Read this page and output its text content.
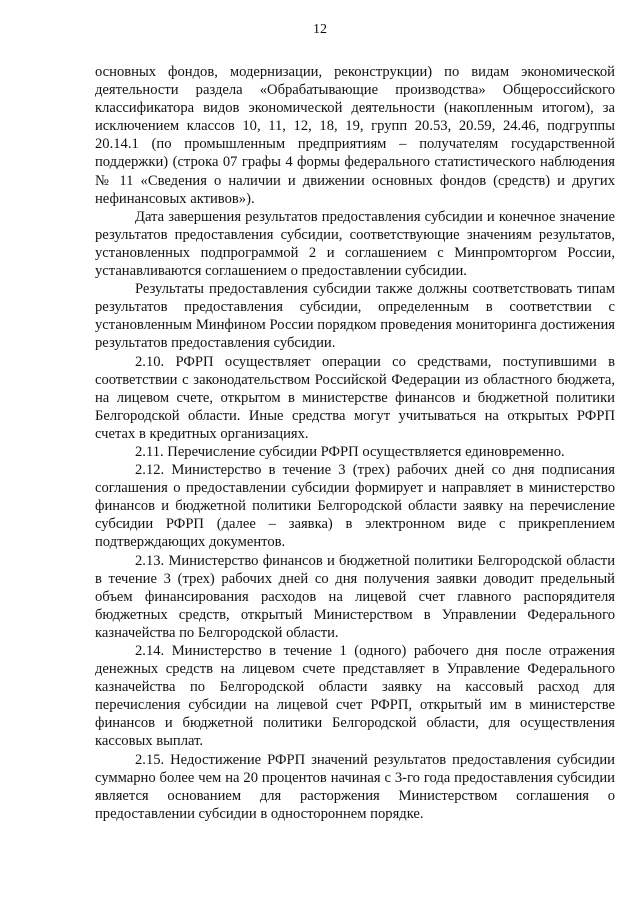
12

основных фондов, модернизации, реконструкции) по видам экономической деятельности раздела «Обрабатывающие производства» Общероссийского классификатора видов экономической деятельности (накопленным итогом), за исключением классов 10, 11, 12, 18, 19, групп 20.53, 20.59, 24.46, подгруппы 20.14.1 (по промышленным предприятиям – получателям государственной поддержки) (строка 07 графы 4 формы федерального статистического наблюдения № 11 «Сведения о наличии и движении основных фондов (средств) и других нефинансовых активов»).

Дата завершения результатов предоставления субсидии и конечное значение результатов предоставления субсидии, соответствующие значениям результатов, установленных подпрограммой 2 и соглашением с Минпромторгом России, устанавливаются соглашением о предоставлении субсидии.

Результаты предоставления субсидии также должны соответствовать типам результатов предоставления субсидии, определенным в соответствии с установленным Минфином России порядком проведения мониторинга достижения результатов предоставления субсидии.

2.10. РФРП осуществляет операции со средствами, поступившими в соответствии с законодательством Российской Федерации из областного бюджета, на лицевом счете, открытом в министерстве финансов и бюджетной политики Белгородской области. Иные средства могут учитываться на открытых РФРП счетах в кредитных организациях.

2.11. Перечисление субсидии РФРП осуществляется единовременно.

2.12. Министерство в течение 3 (трех) рабочих дней со дня подписания соглашения о предоставлении субсидии формирует и направляет в министерство финансов и бюджетной политики Белгородской области заявку на перечисление субсидии РФРП (далее – заявка) в электронном виде с прикреплением подтверждающих документов.

2.13. Министерство финансов и бюджетной политики Белгородской области в течение 3 (трех) рабочих дней со дня получения заявки доводит предельный объем финансирования расходов на лицевой счет главного распорядителя бюджетных средств, открытый Министерством в Управлении Федерального казначейства по Белгородской области.

2.14. Министерство в течение 1 (одного) рабочего дня после отражения денежных средств на лицевом счете представляет в Управление Федерального казначейства по Белгородской области заявку на кассовый расход для перечисления субсидии на лицевой счет РФРП, открытый им в министерстве финансов и бюджетной политики Белгородской области, для осуществления кассовых выплат.

2.15. Недостижение РФРП значений результатов предоставления субсидии суммарно более чем на 20 процентов начиная с 3-го года предоставления субсидии является основанием для расторжения Министерством соглашения о предоставлении субсидии в одностороннем порядке.
